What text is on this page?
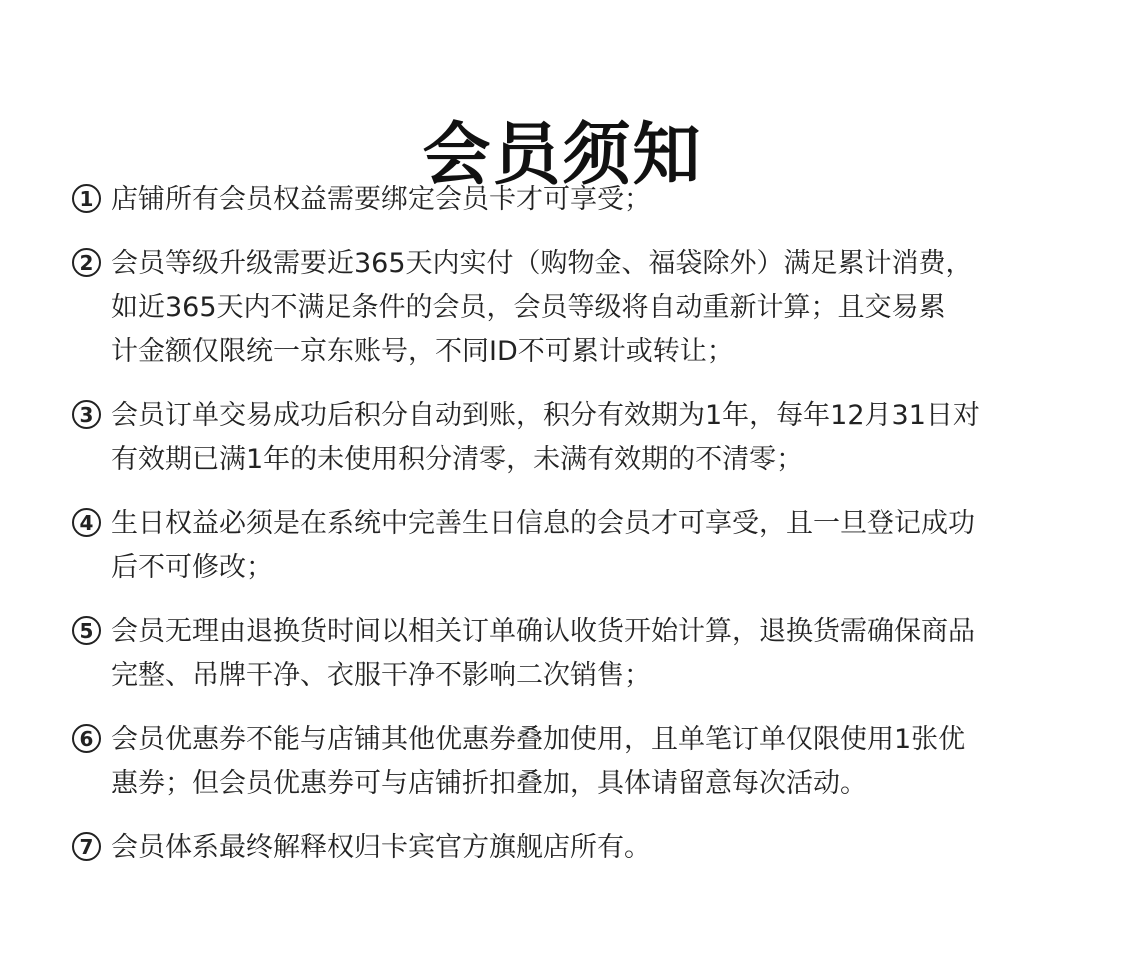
会员须知
1 店铺所有会员权益需要绑定会员卡才可享受；
2 会员等级升级需要近365天内实付（购物金、福袋除外）满足累计消费，
如近365天内不满足条件的会员，会员等级将自动重新计算；且交易累
计金额仅限统一京东账号，不同ID不可累计或转让；
3 会员订单交易成功后积分自动到账，积分有效期为1年，每年12月31日对
有效期已满1年的未使用积分清零，未满有效期的不清零；
4 生日权益必须是在系统中完善生日信息的会员才可享受，且一旦登记成功
后不可修改；
5 会员无理由退换货时间以相关订单确认收货开始计算，退换货需确保商品
完整、吊牌干净、衣服干净不影响二次销售；
6 会员优惠券不能与店铺其他优惠券叠加使用，且单笔订单仅限使用1张优
惠券；但会员优惠券可与店铺折扣叠加，具体请留意每次活动。
7 会员体系最终解释权归卡宾官方旗舰店所有。
